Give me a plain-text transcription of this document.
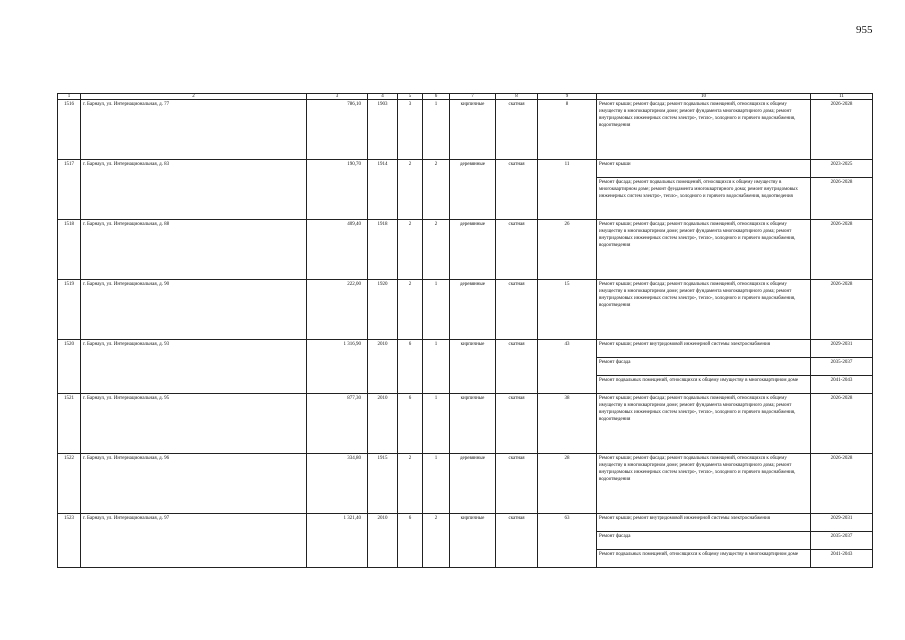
955
1	2	3	4	5	6	7	8	9	10	11
1516	г. Барнаул, ул. Интернациональная, д. 77	786,10	1903	3	1	кирпичные	скатная	8	Ремонт крыши; ремонт фасада; ремонт подвальных помещений, относящихся к общему имуществу в многоквартирном доме; ремонт фундамента многоквартирного дома; ремонт внутридомовых инженерных систем электро-, тепло-, холодного и горячего водоснабжения, водоотведения	2026-2028
1517	г. Барнаул, ул. Интернациональная, д. 83	190,70	1914	2	2	деревянные	скатная	11	Ремонт крыши	2023-2025
									Ремонт фасада; ремонт подвальных помещений, относящихся к общему имуществу в многоквартирном доме; ремонт фундамента многоквартирного дома; ремонт внутридомовых инженерных систем электро-, тепло-, холодного и горячего водоснабжения, водоотведения	2026-2028
1518	г. Барнаул, ул. Интернациональная, д. 88	409,40	1918	2	2	деревянные	скатная	26	Ремонт крыши; ремонт фасада; ремонт подвальных помещений, относящихся к общему имуществу в многоквартирном доме; ремонт фундамента многоквартирного дома; ремонт внутридомовых инженерных систем электро-, тепло-, холодного и горячего водоснабжения, водоотведения	2026-2028
1519	г. Барнаул, ул. Интернациональная, д. 90	222,00	1920	2	1	деревянные	скатная	15	Ремонт крыши; ремонт фасада; ремонт подвальных помещений, относящихся к общему имуществу в многоквартирном доме; ремонт фундамента многоквартирного дома; ремонт внутридомовых инженерных систем электро-, тепло-, холодного и горячего водоснабжения, водоотведения	2026-2028
1520	г. Барнаул, ул. Интернациональная, д. 93	1 316,90	2010	6	1	кирпичные	скатная	43	Ремонт крыши; ремонт внутридомовой инженерной системы электроснабжения	2029-2031
									Ремонт фасада	2035-2037
									Ремонт подвальных помещений, относящихся к общему имуществу в многоквартирном доме	2041-2043
1521	г. Барнаул, ул. Интернациональная, д. 95	877,30	2010	6	1	кирпичные	скатная	38	Ремонт крыши; ремонт фасада; ремонт подвальных помещений, относящихся к общему имуществу в многоквартирном доме; ремонт фундамента многоквартирного дома; ремонт внутридомовых инженерных систем электро-, тепло-, холодного и горячего водоснабжения, водоотведения	2026-2028
1522	г. Барнаул, ул. Интернациональная, д. 96	334,80	1915	2	1	деревянные	скатная	28	Ремонт крыши; ремонт фасада; ремонт подвальных помещений, относящихся к общему имуществу в многоквартирном доме; ремонт фундамента многоквартирного дома; ремонт внутридомовых инженерных систем электро-, тепло-, холодного и горячего водоснабжения, водоотведения	2026-2028
1523	г. Барнаул, ул. Интернациональная, д. 97	1 321,40	2010	6	2	кирпичные	скатная	63	Ремонт крыши; ремонт внутридомовой инженерной системы электроснабжения	2029-2031
									Ремонт фасада	2035-2037
									Ремонт подвальных помещений, относящихся к общему имуществу в многоквартирном доме	2041-2043
